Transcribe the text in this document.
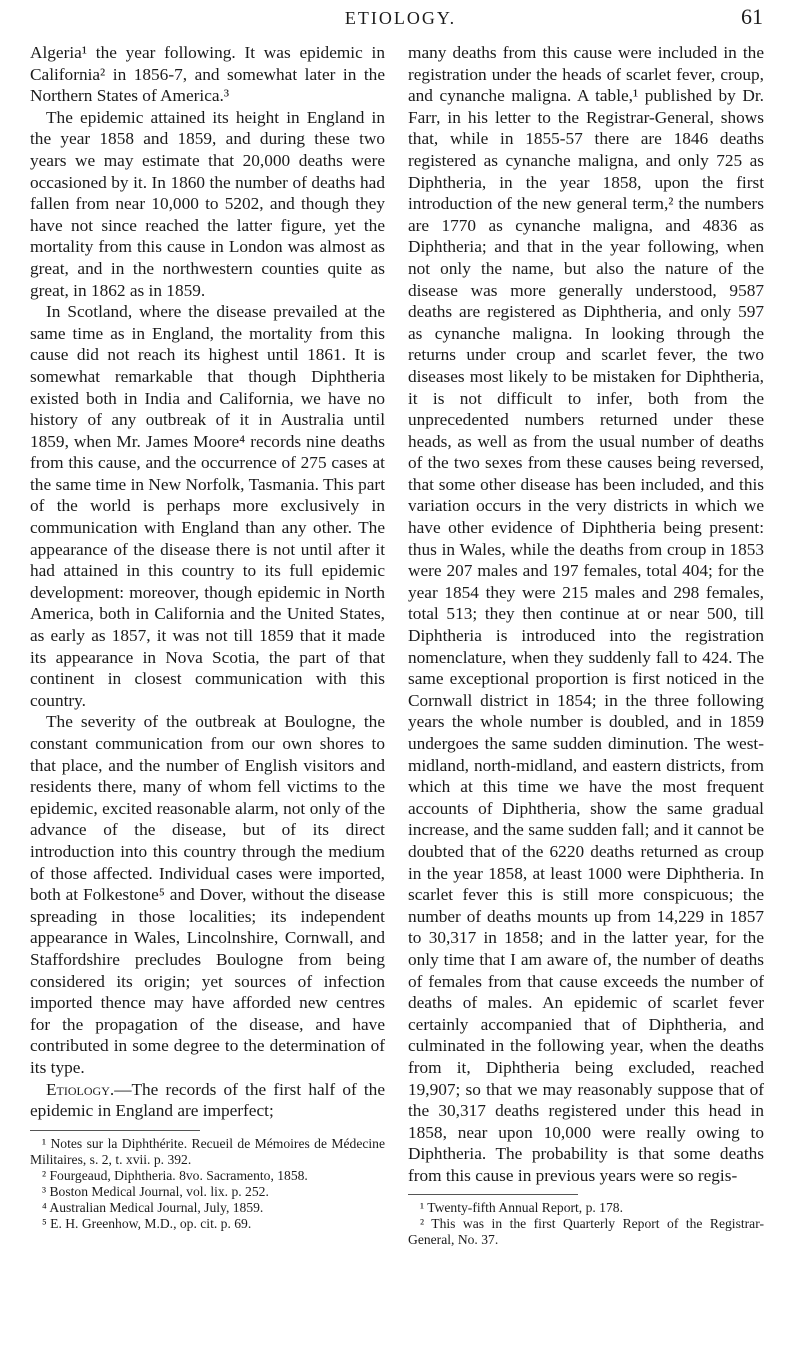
ETIOLOGY.	61

Algeria¹ the year following. It was epidemic in California² in 1856-7, and somewhat later in the Northern States of America.³

The epidemic attained its height in England in the year 1858 and 1859, and during these two years we may estimate that 20,000 deaths were occasioned by it. In 1860 the number of deaths had fallen from near 10,000 to 5202, and though they have not since reached the latter figure, yet the mortality from this cause in London was almost as great, and in the northwestern counties quite as great, in 1862 as in 1859.

In Scotland, where the disease prevailed at the same time as in England, the mortality from this cause did not reach its highest until 1861. It is somewhat remarkable that though Diphtheria existed both in India and California, we have no history of any outbreak of it in Australia until 1859, when Mr. James Moore⁴ records nine deaths from this cause, and the occurrence of 275 cases at the same time in New Norfolk, Tasmania. This part of the world is perhaps more exclusively in communication with England than any other. The appearance of the disease there is not until after it had attained in this country to its full epidemic development: moreover, though epidemic in North America, both in California and the United States, as early as 1857, it was not till 1859 that it made its appearance in Nova Scotia, the part of that continent in closest communication with this country.

The severity of the outbreak at Boulogne, the constant communication from our own shores to that place, and the number of English visitors and residents there, many of whom fell victims to the epidemic, excited reasonable alarm, not only of the advance of the disease, but of its direct introduction into this country through the medium of those affected. Individual cases were imported, both at Folkestone⁵ and Dover, without the disease spreading in those localities; its independent appearance in Wales, Lincolnshire, Cornwall, and Staffordshire precludes Boulogne from being considered its origin; yet sources of infection imported thence may have afforded new centres for the propagation of the disease, and have contributed in some degree to the determination of its type.

Etiology.—The records of the first half of the epidemic in England are imperfect;

¹ Notes sur la Diphthérite. Recueil de Mémoires de Médecine Militaires, s. 2, t. xvii. p. 392.

² Fourgeaud, Diphtheria. 8vo. Sacramento, 1858.

³ Boston Medical Journal, vol. lix. p. 252.

⁴ Australian Medical Journal, July, 1859.

⁵ E. H. Greenhow, M.D., op. cit. p. 69.

many deaths from this cause were included in the registration under the heads of scarlet fever, croup, and cynanche maligna. A table,¹ published by Dr. Farr, in his letter to the Registrar-General, shows that, while in 1855-57 there are 1846 deaths registered as cynanche maligna, and only 725 as Diphtheria, in the year 1858, upon the first introduction of the new general term,² the numbers are 1770 as cynanche maligna, and 4836 as Diphtheria; and that in the year following, when not only the name, but also the nature of the disease was more generally understood, 9587 deaths are registered as Diphtheria, and only 597 as cynanche maligna. In looking through the returns under croup and scarlet fever, the two diseases most likely to be mistaken for Diphtheria, it is not difficult to infer, both from the unprecedented numbers returned under these heads, as well as from the usual number of deaths of the two sexes from these causes being reversed, that some other disease has been included, and this variation occurs in the very districts in which we have other evidence of Diphtheria being present: thus in Wales, while the deaths from croup in 1853 were 207 males and 197 females, total 404; for the year 1854 they were 215 males and 298 females, total 513; they then continue at or near 500, till Diphtheria is introduced into the registration nomenclature, when they suddenly fall to 424. The same exceptional proportion is first noticed in the Cornwall district in 1854; in the three following years the whole number is doubled, and in 1859 undergoes the same sudden diminution. The west-midland, north-midland, and eastern districts, from which at this time we have the most frequent accounts of Diphtheria, show the same gradual increase, and the same sudden fall; and it cannot be doubted that of the 6220 deaths returned as croup in the year 1858, at least 1000 were Diphtheria. In scarlet fever this is still more conspicuous; the number of deaths mounts up from 14,229 in 1857 to 30,317 in 1858; and in the latter year, for the only time that I am aware of, the number of deaths of females from that cause exceeds the number of deaths of males. An epidemic of scarlet fever certainly accompanied that of Diphtheria, and culminated in the following year, when the deaths from it, Diphtheria being excluded, reached 19,907; so that we may reasonably suppose that of the 30,317 deaths registered under this head in 1858, near upon 10,000 were really owing to Diphtheria. The probability is that some deaths from this cause in previous years were so regis-

¹ Twenty-fifth Annual Report, p. 178.

² This was in the first Quarterly Report of the Registrar-General, No. 37.
